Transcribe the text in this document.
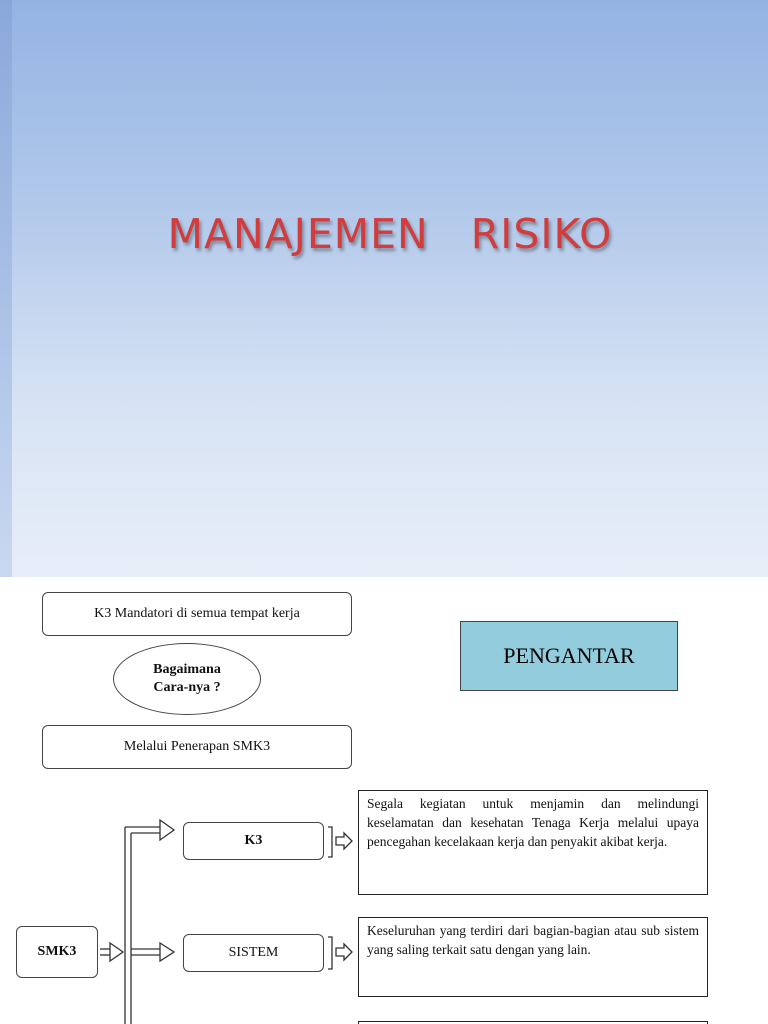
MANAJEMEN   RISIKO
K3 Mandatori di semua tempat kerja
Bagaimana
Cara-nya ?
Melalui Penerapan SMK3
PENGANTAR
SMK3
K3
SISTEM
Segala kegiatan untuk menjamin dan melindungi keselamatan dan kesehatan Tenaga Kerja melalui upaya pencegahan kecelakaan kerja dan penyakit akibat kerja.
Keseluruhan yang terdiri dari bagian-bagian atau sub sistem yang saling terkait satu dengan yang lain.
